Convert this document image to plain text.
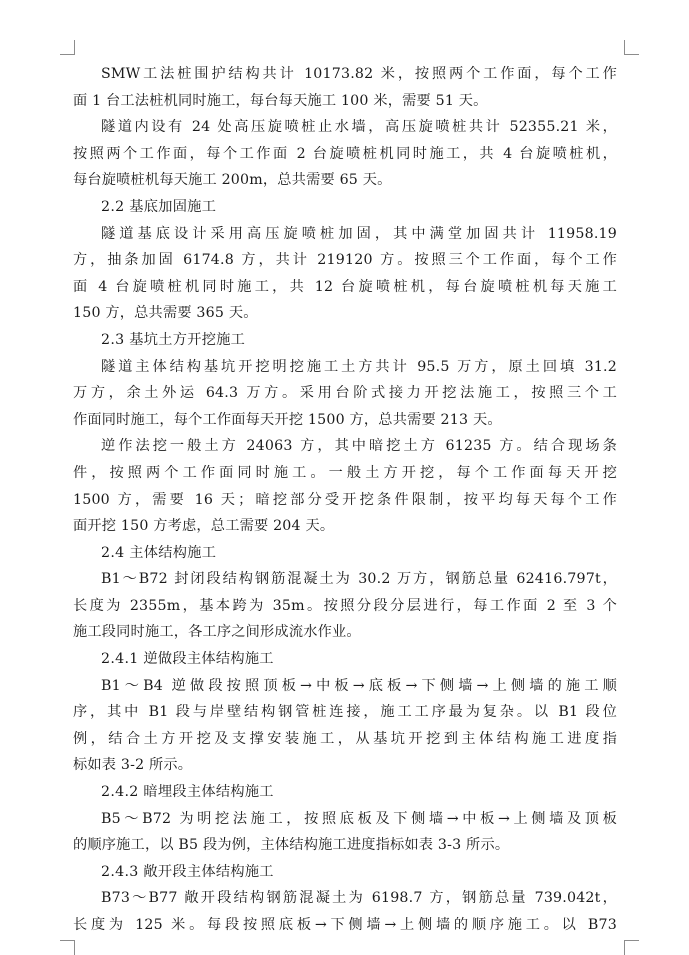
SMW工法桩围护结构共计 10173.82 米，按照两个工作面，每个工作
面 1 台工法桩机同时施工，每台每天施工 100 米，需要 51 天。
隧道内设有 24 处高压旋喷桩止水墙，高压旋喷桩共计 52355.21 米，
按照两个工作面，每个工作面 2 台旋喷桩机同时施工，共 4 台旋喷桩机，
每台旋喷桩机每天施工 200m，总共需要 65 天。
2.2 基底加固施工
隧道基底设计采用高压旋喷桩加固，其中满堂加固共计 11958.19
方，抽条加固 6174.8 方，共计 219120 方。按照三个工作面，每个工作
面 4 台旋喷桩机同时施工，共 12 台旋喷桩机，每台旋喷桩机每天施工
150 方，总共需要 365 天。
2.3 基坑土方开挖施工
隧道主体结构基坑开挖明挖施工土方共计 95.5 万方，原土回填 31.2
万方，余土外运 64.3 万方。采用台阶式接力开挖法施工，按照三个工
作面同时施工，每个工作面每天开挖 1500 方，总共需要 213 天。
逆作法挖一般土方 24063 方，其中暗挖土方 61235 方。结合现场条
件，按照两个工作面同时施工。一般土方开挖，每个工作面每天开挖
1500 方，需要 16 天；暗挖部分受开挖条件限制，按平均每天每个工作
面开挖 150 方考虑，总工需要 204 天。
2.4 主体结构施工
B1～B72 封闭段结构钢筋混凝土为 30.2 万方，钢筋总量 62416.797t，
长度为 2355m，基本跨为 35m。按照分段分层进行，每工作面 2 至 3 个
施工段同时施工，各工序之间形成流水作业。
2.4.1 逆做段主体结构施工
B1～B4 逆做段按照顶板→中板→底板→下侧墙→上侧墙的施工顺
序，其中 B1 段与岸壁结构钢管桩连接，施工工序最为复杂。以 B1 段位
例，结合土方开挖及支撑安装施工，从基坑开挖到主体结构施工进度指
标如表 3-2 所示。
2.4.2 暗埋段主体结构施工
B5～B72 为明挖法施工，按照底板及下侧墙→中板→上侧墙及顶板
的顺序施工，以 B5 段为例，主体结构施工进度指标如表 3-3 所示。
2.4.3 敞开段主体结构施工
B73～B77 敞开段结构钢筋混凝土为 6198.7 方，钢筋总量 739.042t，
长度为 125 米。每段按照底板→下侧墙→上侧墙的顺序施工。以 B73
